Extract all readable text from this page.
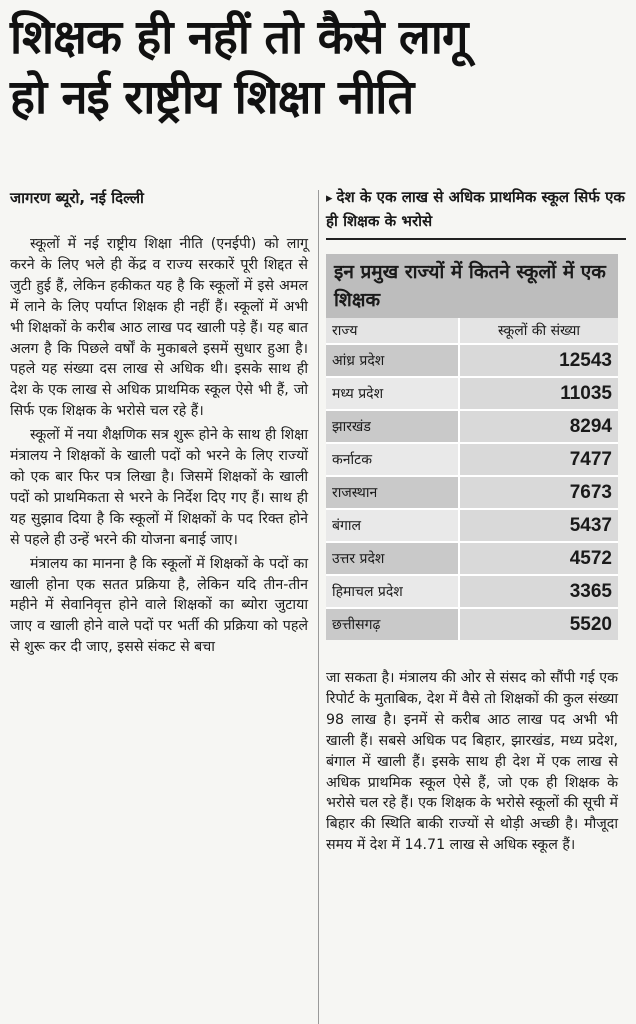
शिक्षक ही नहीं तो कैसे लागू
हो नई राष्ट्रीय शिक्षा नीति
जागरण ब्यूरो, नई दिल्ली

स्कूलों में नई राष्ट्रीय शिक्षा नीति (एनईपी) को लागू करने के लिए भले ही केंद्र व राज्य सरकारें पूरी शिद्दत से जुटी हुई हैं, लेकिन हकीकत यह है कि स्कूलों में इसे अमल में लाने के लिए पर्याप्त शिक्षक ही नहीं हैं। स्कूलों में अभी भी शिक्षकों के करीब आठ लाख पद खाली पड़े हैं। यह बात अलग है कि पिछले वर्षों के मुकाबले इसमें सुधार हुआ है। पहले यह संख्या दस लाख से अधिक थी। इसके साथ ही देश के एक लाख से अधिक प्राथमिक स्कूल ऐसे भी हैं, जो सिर्फ एक शिक्षक के भरोसे चल रहे हैं।

स्कूलों में नया शैक्षणिक सत्र शुरू होने के साथ ही शिक्षा मंत्रालय ने शिक्षकों के खाली पदों को भरने के लिए राज्यों को एक बार फिर पत्र लिखा है। जिसमें शिक्षकों के खाली पदों को प्राथमिकता से भरने के निर्देश दिए गए हैं। साथ ही यह सुझाव दिया है कि स्कूलों में शिक्षकों के पद रिक्त होने से पहले ही उन्हें भरने की योजना बनाई जाए।

मंत्रालय का मानना है कि स्कूलों में शिक्षकों के पदों का खाली होना एक सतत प्रक्रिया है, लेकिन यदि तीन-तीन महीने में सेवानिवृत्त होने वाले शिक्षकों का ब्योरा जुटाया जाए व खाली होने वाले पदों पर भर्ती की प्रक्रिया को पहले से शुरू कर दी जाए, इससे संकट से बचा

▸ देश के एक लाख से अधिक प्राथमिक स्कूल सिर्फ एक ही शिक्षक के भरोसे
इन प्रमुख राज्यों में कितने स्कूलों में एक शिक्षक
राज्य	स्कूलों की संख्या
आंध्र प्रदेश	12543
मध्य प्रदेश	11035
झारखंड	8294
कर्नाटक	7477
राजस्थान	7673
बंगाल	5437
उत्तर प्रदेश	4572
हिमाचल प्रदेश	3365
छत्तीसगढ़	5520

जा सकता है। मंत्रालय की ओर से संसद को सौंपी गई एक रिपोर्ट के मुताबिक, देश में वैसे तो शिक्षकों की कुल संख्या 98 लाख है। इनमें से करीब आठ लाख पद अभी भी खाली हैं। सबसे अधिक पद बिहार, झारखंड, मध्य प्रदेश, बंगाल में खाली हैं। इसके साथ ही देश में एक लाख से अधिक प्राथमिक स्कूल ऐसे हैं, जो एक ही शिक्षक के भरोसे चल रहे हैं। एक शिक्षक के भरोसे स्कूलों की सूची में बिहार की स्थिति बाकी राज्यों से थोड़ी अच्छी है। मौजूदा समय में देश में 14.71 लाख से अधिक स्कूल हैं।
